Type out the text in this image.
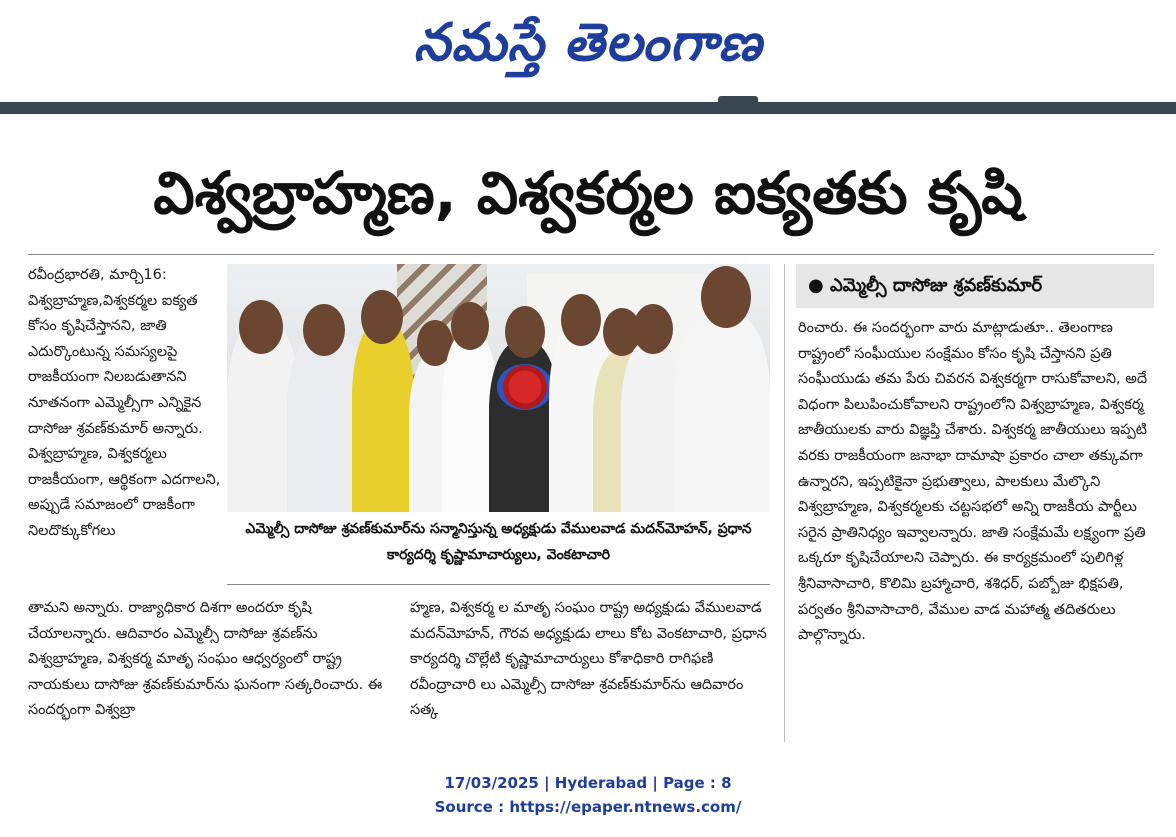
నమస్తే తెలంగాణ
విశ్వబ్రాహ్మణ, విశ్వకర్మల ఐక్యతకు కృషి

రవీంద్రభారతి, మార్చి16: విశ్వబ్రాహ్మణ,విశ్వకర్మల ఐక్యత కోసం కృషిచేస్తానని, జాతి ఎదుర్కొంటున్న సమస్యలపై రాజకీయంగా నిలబడుతానని నూతనంగా ఎమ్మెల్సీగా ఎన్నికైన దాసోజు శ్రవణ్‌కుమార్ అన్నారు. విశ్వబ్రాహ్మణ, విశ్వకర్మలు రాజకీయంగా, ఆర్థికంగా ఎదగాలని, అప్పుడే సమాజంలో రాజకీంగా నిలదొక్కుకోగలు	ఎమ్మెల్సీ దాసోజు శ్రవణ్‌కుమార్‌ను సన్మానిస్తున్న అధ్యక్షుడు వేములవాడ మదన్‌మోహన్, ప్రధాన కార్యదర్శి కృష్ణామాచార్యులు, వెంకటాచారి

తామని అన్నారు. రాజ్యాధికార దిశగా అందరూ కృషి చేయాలన్నారు. ఆదివారం ఎమ్మెల్సీ దాసోజు శ్రవణ్‌ను విశ్వబ్రాహ్మణ, విశ్వకర్మ మాతృ సంఘం ఆధ్వర్యంలో రాష్ట్ర నాయకులు దాసోజు శ్రవణ్‌కుమార్‌ను ఘనంగా సత్కరించారు. ఈ సందర్భంగా విశ్వబ్రా

హ్మణ, విశ్వకర్మ ల మాతృ సంఘం రాష్ట్ర అధ్యక్షుడు వేములవాడ మదన్‌మోహన్, గౌరవ అధ్యక్షుడు లాలు కోట వెంకటాచారి, ప్రధాన కార్యదర్శి చొల్లేటి కృష్ణామాచార్యులు కోశాధికారి రాగిఫణి రవీంద్రాచారి లు ఎమ్మెల్సీ దాసోజు శ్రవణ్‌కుమార్‌ను ఆదివారం సత్క

● ఎమ్మెల్సీ దాసోజు శ్రవణ్‌కుమార్

రించారు. ఈ సందర్భంగా వారు మాట్లాడుతూ.. తెలంగాణ రాష్ట్రంలో సంఘీయుల సంక్షేమం కోసం కృషి చేస్తానని ప్రతి సంఘీయుడు తమ పేరు చివరన విశ్వకర్మగా రాసుకోవాలని, అదే విధంగా పిలుపించుకోవాలని రాష్ట్రంలోని విశ్వబ్రాహ్మణ, విశ్వకర్మ జాతీయులకు వారు విజ్ఞప్తి చేశారు. విశ్వకర్మ జాతీయులు ఇప్పటి వరకు రాజకీయంగా జనాభా దామాషా ప్రకారం చాలా తక్కువగా ఉన్నారని, ఇప్పటికైనా ప్రభుత్వాలు, పాలకులు మేల్కొని విశ్వబ్రాహ్మణ, విశ్వకర్మలకు చట్టసభలో అన్ని రాజకీయ పార్టీలు సరైన ప్రాతినిధ్యం ఇవ్వాలన్నారు. జాతి సంక్షేమమే లక్ష్యంగా ప్రతి ఒక్కరూ కృషిచేయాలని చెప్పారు. ఈ కార్యక్రమంలో పులిగిళ్ల శ్రీనివాసాచారి, కొలిమి బ్రహ్మాచారి, శశిధర్, పబ్బోజు భిక్షపతి, పర్వతం శ్రీనివాసాచారి, వేముల వాడ మహాత్మ తదితరులు పాల్గొన్నారు.

17/03/2025 | Hyderabad | Page : 8
Source : https://epaper.ntnews.com/
